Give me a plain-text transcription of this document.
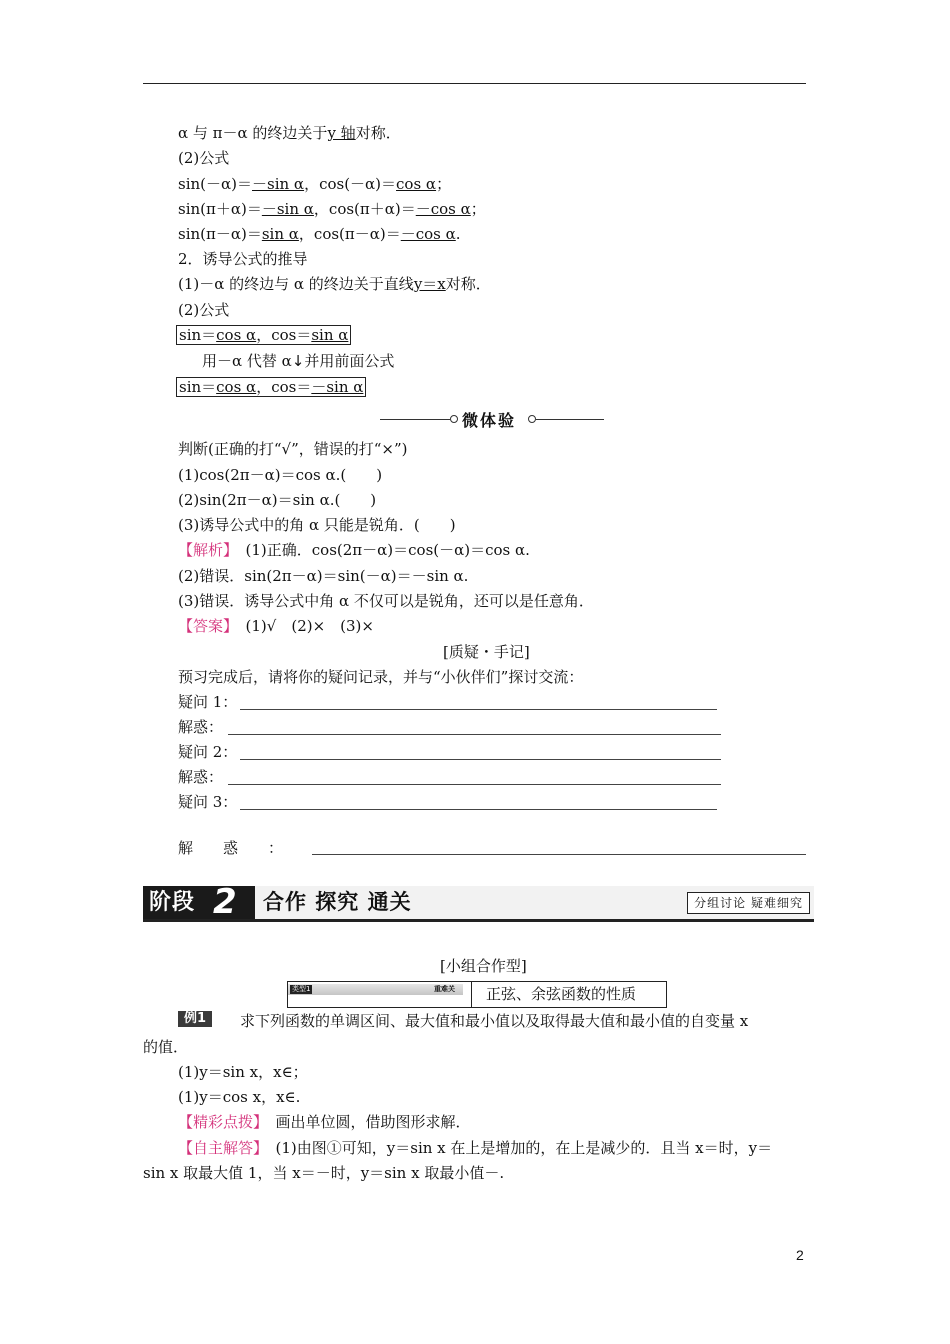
α 与 π－α 的终边关于y 轴对称．
(2)公式
sin(－α)＝－sin α，cos(－α)＝cos α；
sin(π＋α)＝－sin α，cos(π＋α)＝－cos α；
sin(π－α)＝sin α，cos(π－α)＝－cos α.
2．诱导公式的推导
(1)－α 的终边与 α 的终边关于直线y＝x对称．
(2)公式
sin＝cos α，cos＝sin α
用－α 代替 α↓并用前面公式
sin＝cos α，cos＝－sin α
微体验
判断(正确的打“√”，错误的打“×”)
(1)cos(2π－α)＝cos α.(　　)
(2)sin(2π－α)＝sin α.(　　)
(3)诱导公式中的角 α 只能是锐角．(　　)
【解析】　 (1)正确．cos(2π－α)＝cos(－α)＝cos α.
(2)错误．sin(2π－α)＝sin(－α)＝－sin α.
(3)错误．诱导公式中角 α 不仅可以是锐角，还可以是任意角．
【答案】　 (1)√　(2)×　(3)×
[质疑・手记]
预习完成后，请将你的疑问记录，并与“小伙伴们”探讨交流：
疑问 1：
解惑：
疑问 2：
解惑：
疑问 3：
解　　惑　　：
阶段 2 合作 探究 通关	分组讨论 疑难细究
[小组合作型]
类型1	重难关 正弦、余弦函数的性质
例1	求下列函数的单调区间、最大值和最小值以及取得最大值和最小值的自变量 x
的值．
(1)y＝sin x，x∈；
(1)y＝cos x，x∈.
【精彩点拨】　 画出单位圆，借助图形求解．
【自主解答】　 (1)由图①可知，y＝sin x 在上是增加的，在上是减少的．且当 x＝时，y＝
sin x 取最大值 1，当 x＝－时，y＝sin x 取最小值－.
2
